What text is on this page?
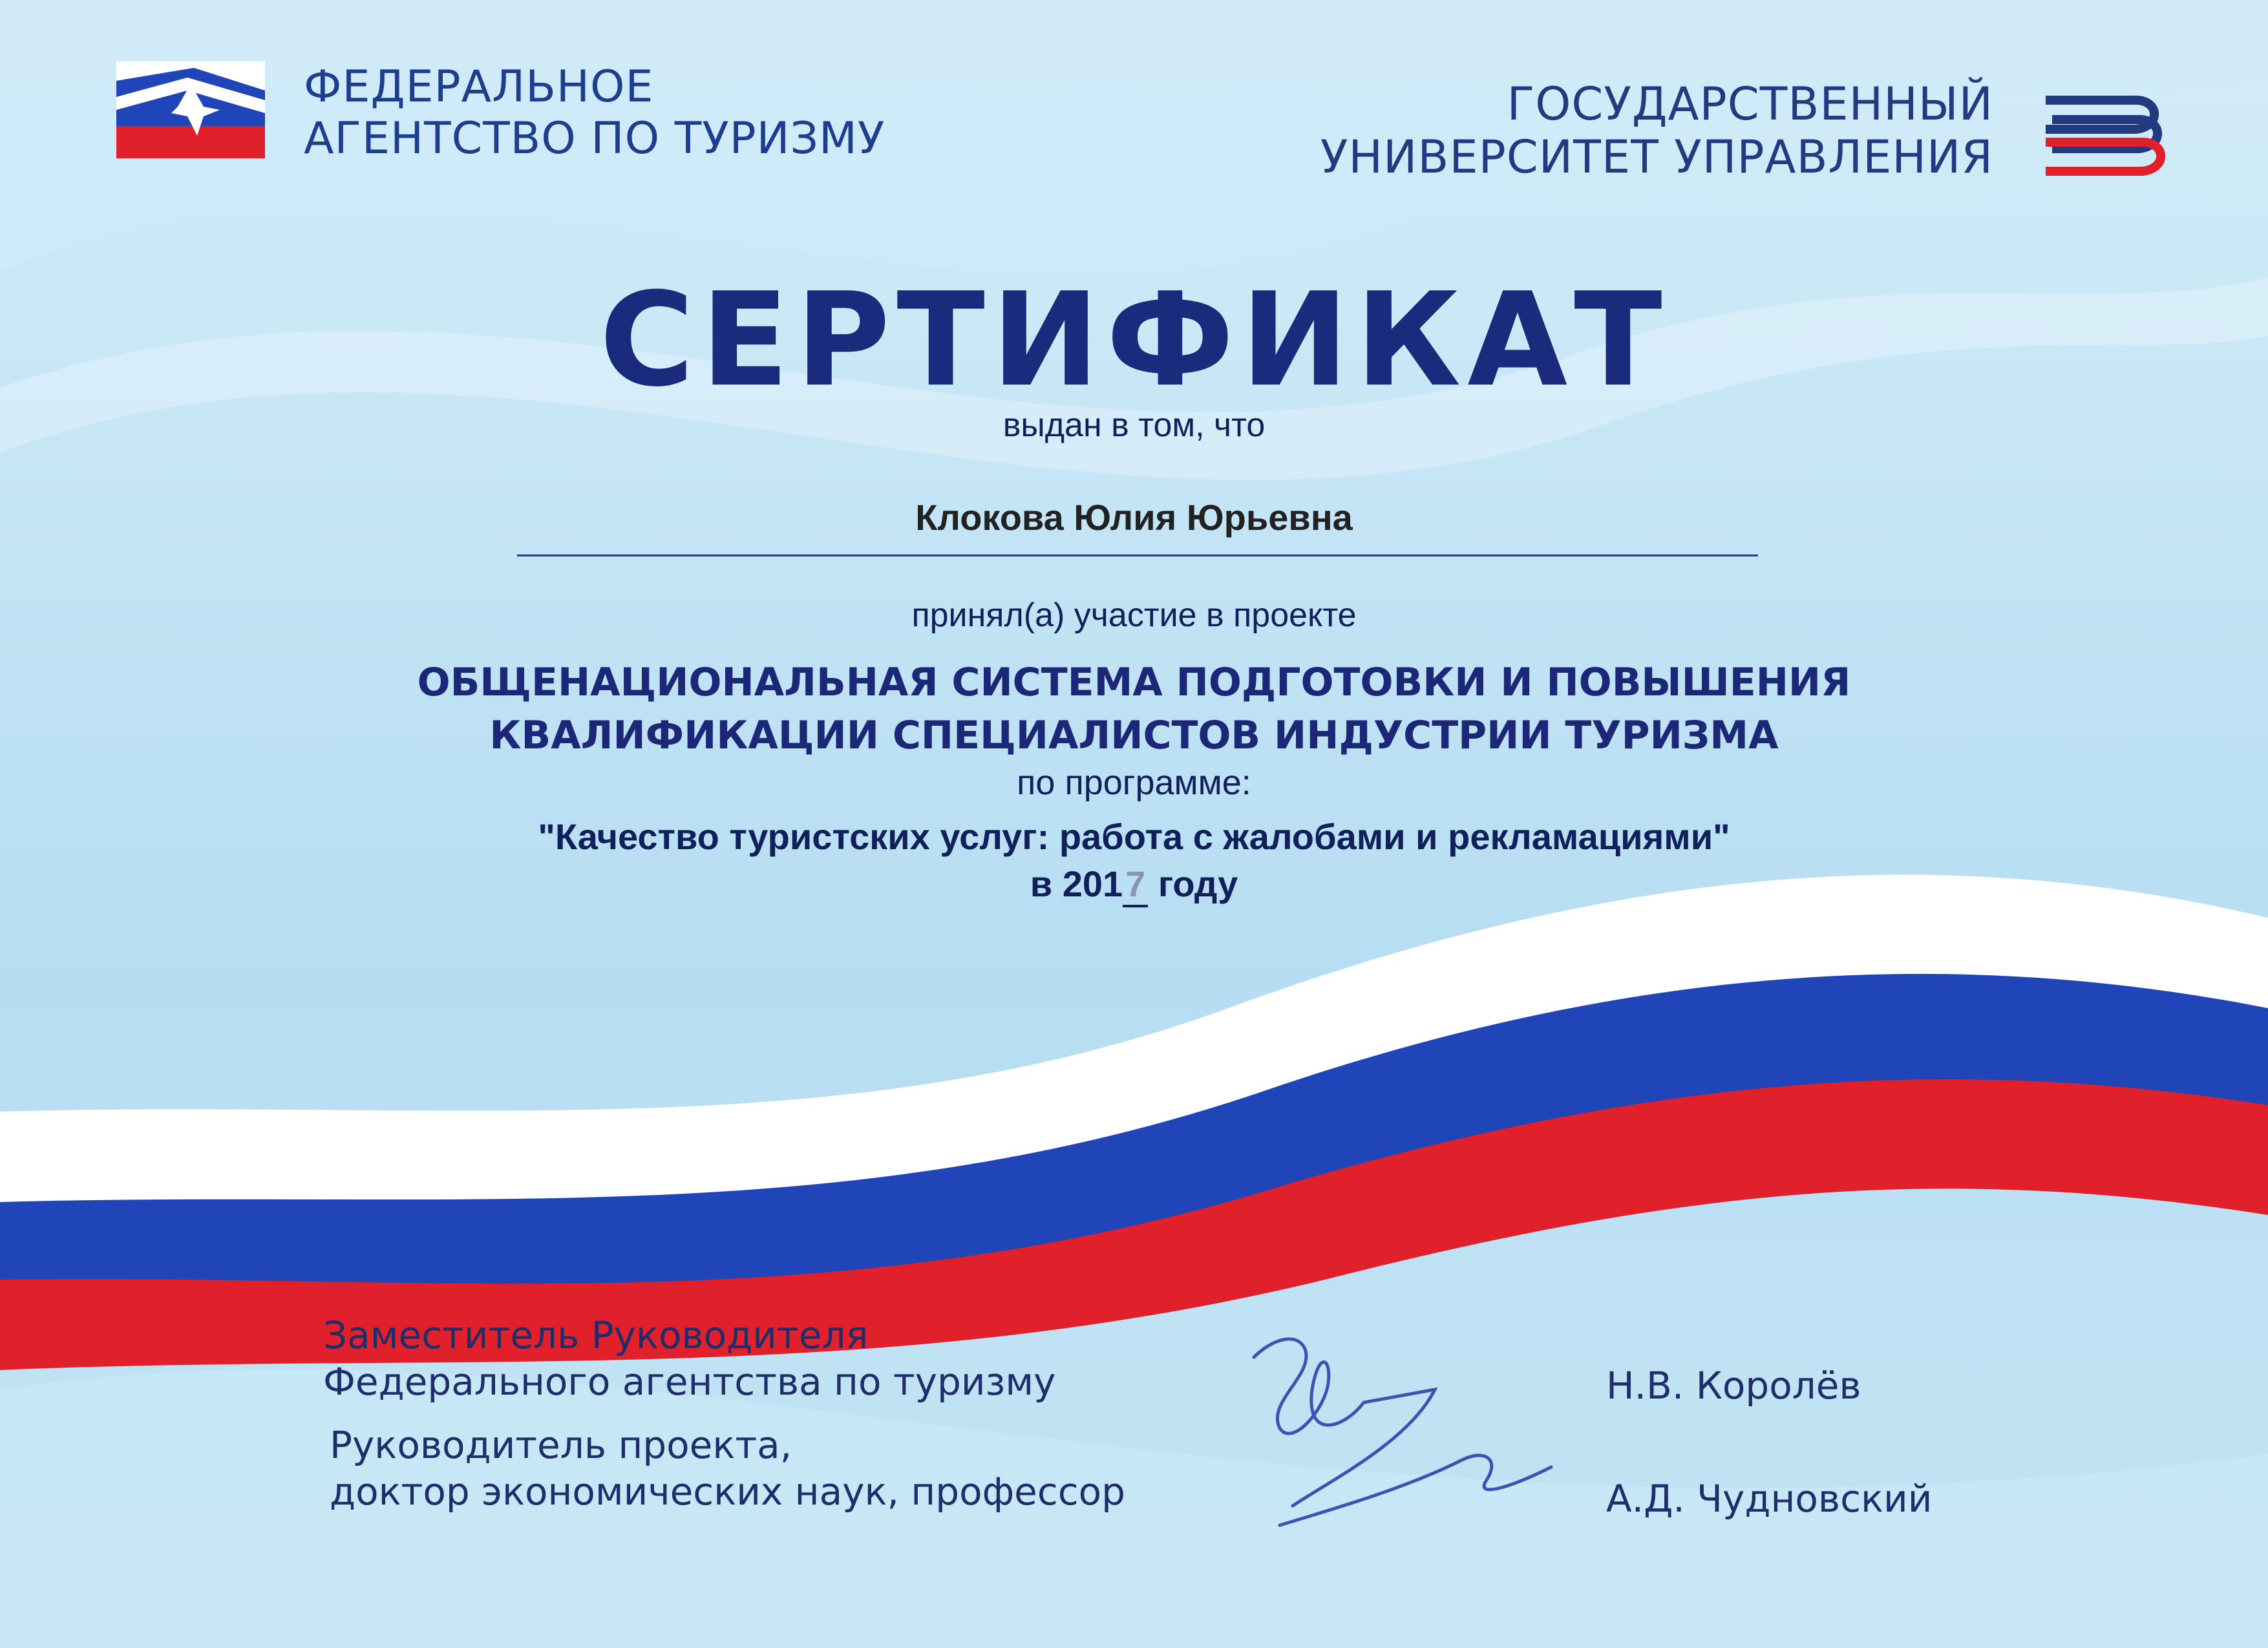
ФЕДЕРАЛЬНОЕ
АГЕНТСТВО ПО ТУРИЗМУ
ГОСУДАРСТВЕННЫЙ
УНИВЕРСИТЕТ УПРАВЛЕНИЯ
СЕРТИФИКАТ
выдан в том, что
Клокова Юлия Юрьевна
принял(а) участие в проекте
ОБЩЕНАЦИОНАЛЬНАЯ СИСТЕМА ПОДГОТОВКИ И ПОВЫШЕНИЯ
КВАЛИФИКАЦИИ СПЕЦИАЛИСТОВ ИНДУСТРИИ ТУРИЗМА
по программе:
"Качество туристских услуг: работа с жалобами и рекламациями"
в 2017 году
Заместитель Руководителя
Федерального агентства по туризму
Руководитель проекта,
доктор экономических наук, профессор
Н.В. Королёв
А.Д. Чудновский
